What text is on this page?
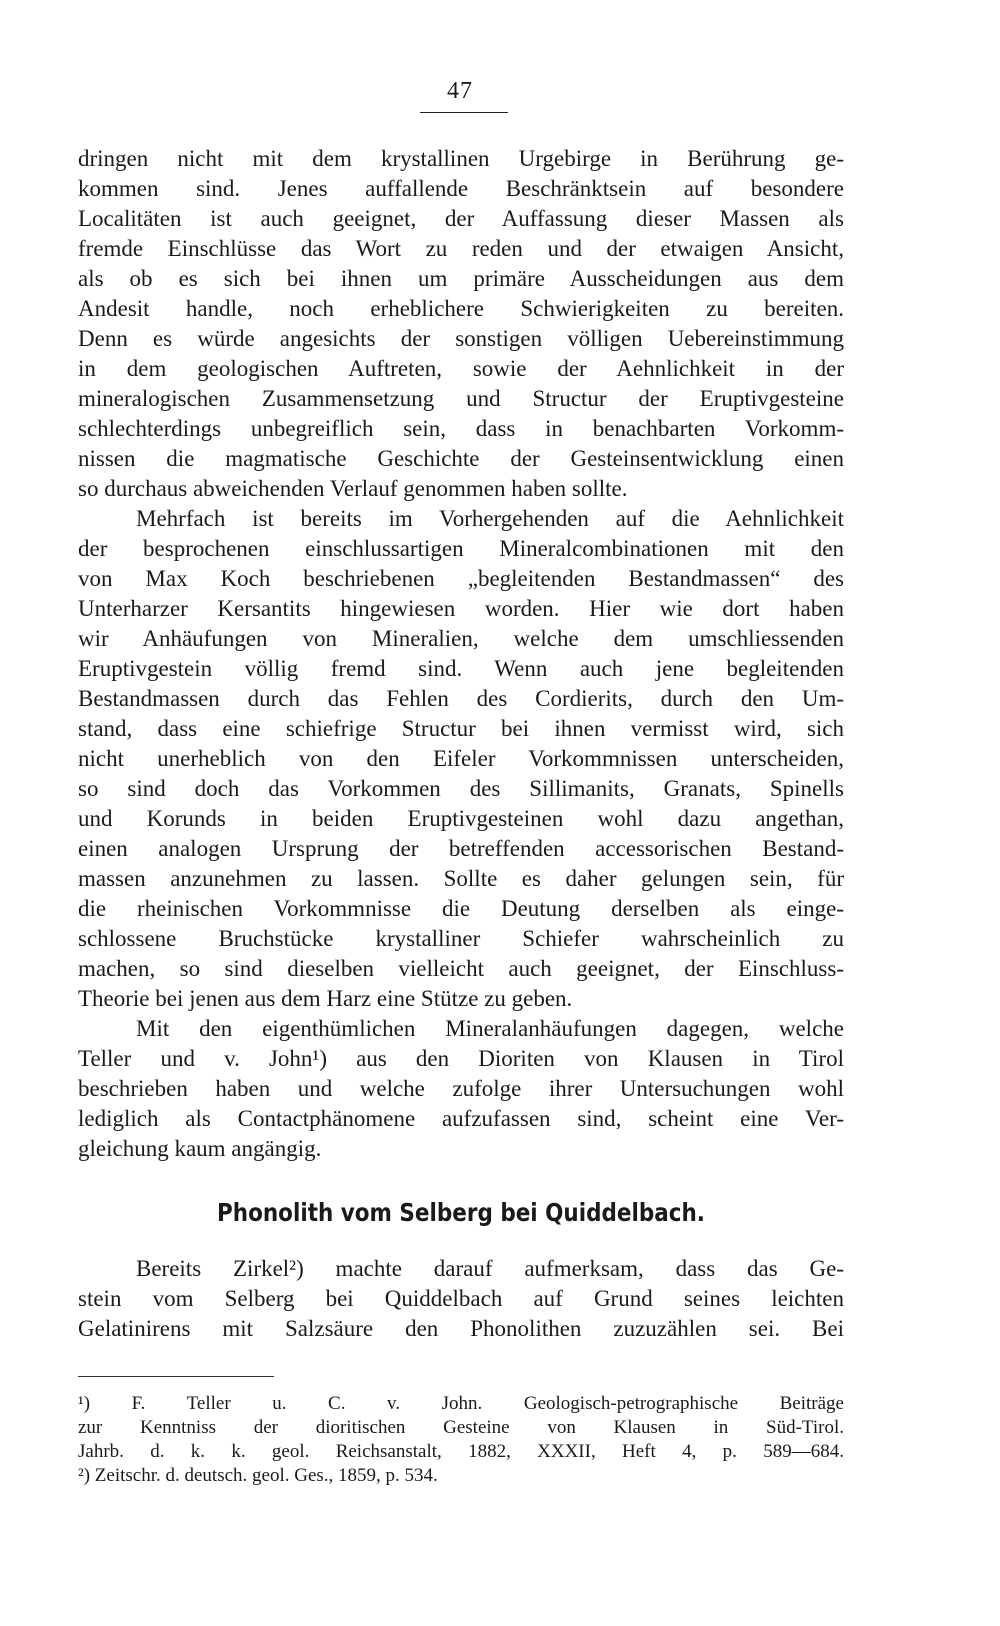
47
dringen nicht mit dem krystallinen Urgebirge in Berührung ge-
kommen sind. Jenes auffallende Beschränktsein auf besondere
Localitäten ist auch geeignet, der Auffassung dieser Massen als
fremde Einschlüsse das Wort zu reden und der etwaigen Ansicht,
als ob es sich bei ihnen um primäre Ausscheidungen aus dem
Andesit handle, noch erheblichere Schwierigkeiten zu bereiten.
Denn es würde angesichts der sonstigen völligen Uebereinstimmung
in dem geologischen Auftreten, sowie der Aehnlichkeit in der
mineralogischen Zusammensetzung und Structur der Eruptivgesteine
schlechterdings unbegreiflich sein, dass in benachbarten Vorkomm-
nissen die magmatische Geschichte der Gesteinsentwicklung einen
so durchaus abweichenden Verlauf genommen haben sollte.
Mehrfach ist bereits im Vorhergehenden auf die Aehnlichkeit
der besprochenen einschlussartigen Mineralcombinationen mit den
von Max Koch beschriebenen „begleitenden Bestandmassen“ des
Unterharzer Kersantits hingewiesen worden. Hier wie dort haben
wir Anhäufungen von Mineralien, welche dem umschliessenden
Eruptivgestein völlig fremd sind. Wenn auch jene begleitenden
Bestandmassen durch das Fehlen des Cordierits, durch den Um-
stand, dass eine schiefrige Structur bei ihnen vermisst wird, sich
nicht unerheblich von den Eifeler Vorkommnissen unterscheiden,
so sind doch das Vorkommen des Sillimanits, Granats, Spinells
und Korunds in beiden Eruptivgesteinen wohl dazu angethan,
einen analogen Ursprung der betreffenden accessorischen Bestand-
massen anzunehmen zu lassen. Sollte es daher gelungen sein, für
die rheinischen Vorkommnisse die Deutung derselben als einge-
schlossene Bruchstücke krystalliner Schiefer wahrscheinlich zu
machen, so sind dieselben vielleicht auch geeignet, der Einschluss-
Theorie bei jenen aus dem Harz eine Stütze zu geben.
Mit den eigenthümlichen Mineralanhäufungen dagegen, welche
Teller und v. John¹) aus den Dioriten von Klausen in Tirol
beschrieben haben und welche zufolge ihrer Untersuchungen wohl
lediglich als Contactphänomene aufzufassen sind, scheint eine Ver-
gleichung kaum angängig.
Phonolith vom Selberg bei Quiddelbach.
Bereits Zirkel²) machte darauf aufmerksam, dass das Ge-
stein vom Selberg bei Quiddelbach auf Grund seines leichten
Gelatinirens mit Salzsäure den Phonolithen zuzuzählen sei. Bei
¹) F. Teller u. C. v. John. Geologisch-petrographische Beiträge
zur Kenntniss der dioritischen Gesteine von Klausen in Süd-Tirol.
Jahrb. d. k. k. geol. Reichsanstalt, 1882, XXXII, Heft 4, p. 589—684.
²) Zeitschr. d. deutsch. geol. Ges., 1859, p. 534.
